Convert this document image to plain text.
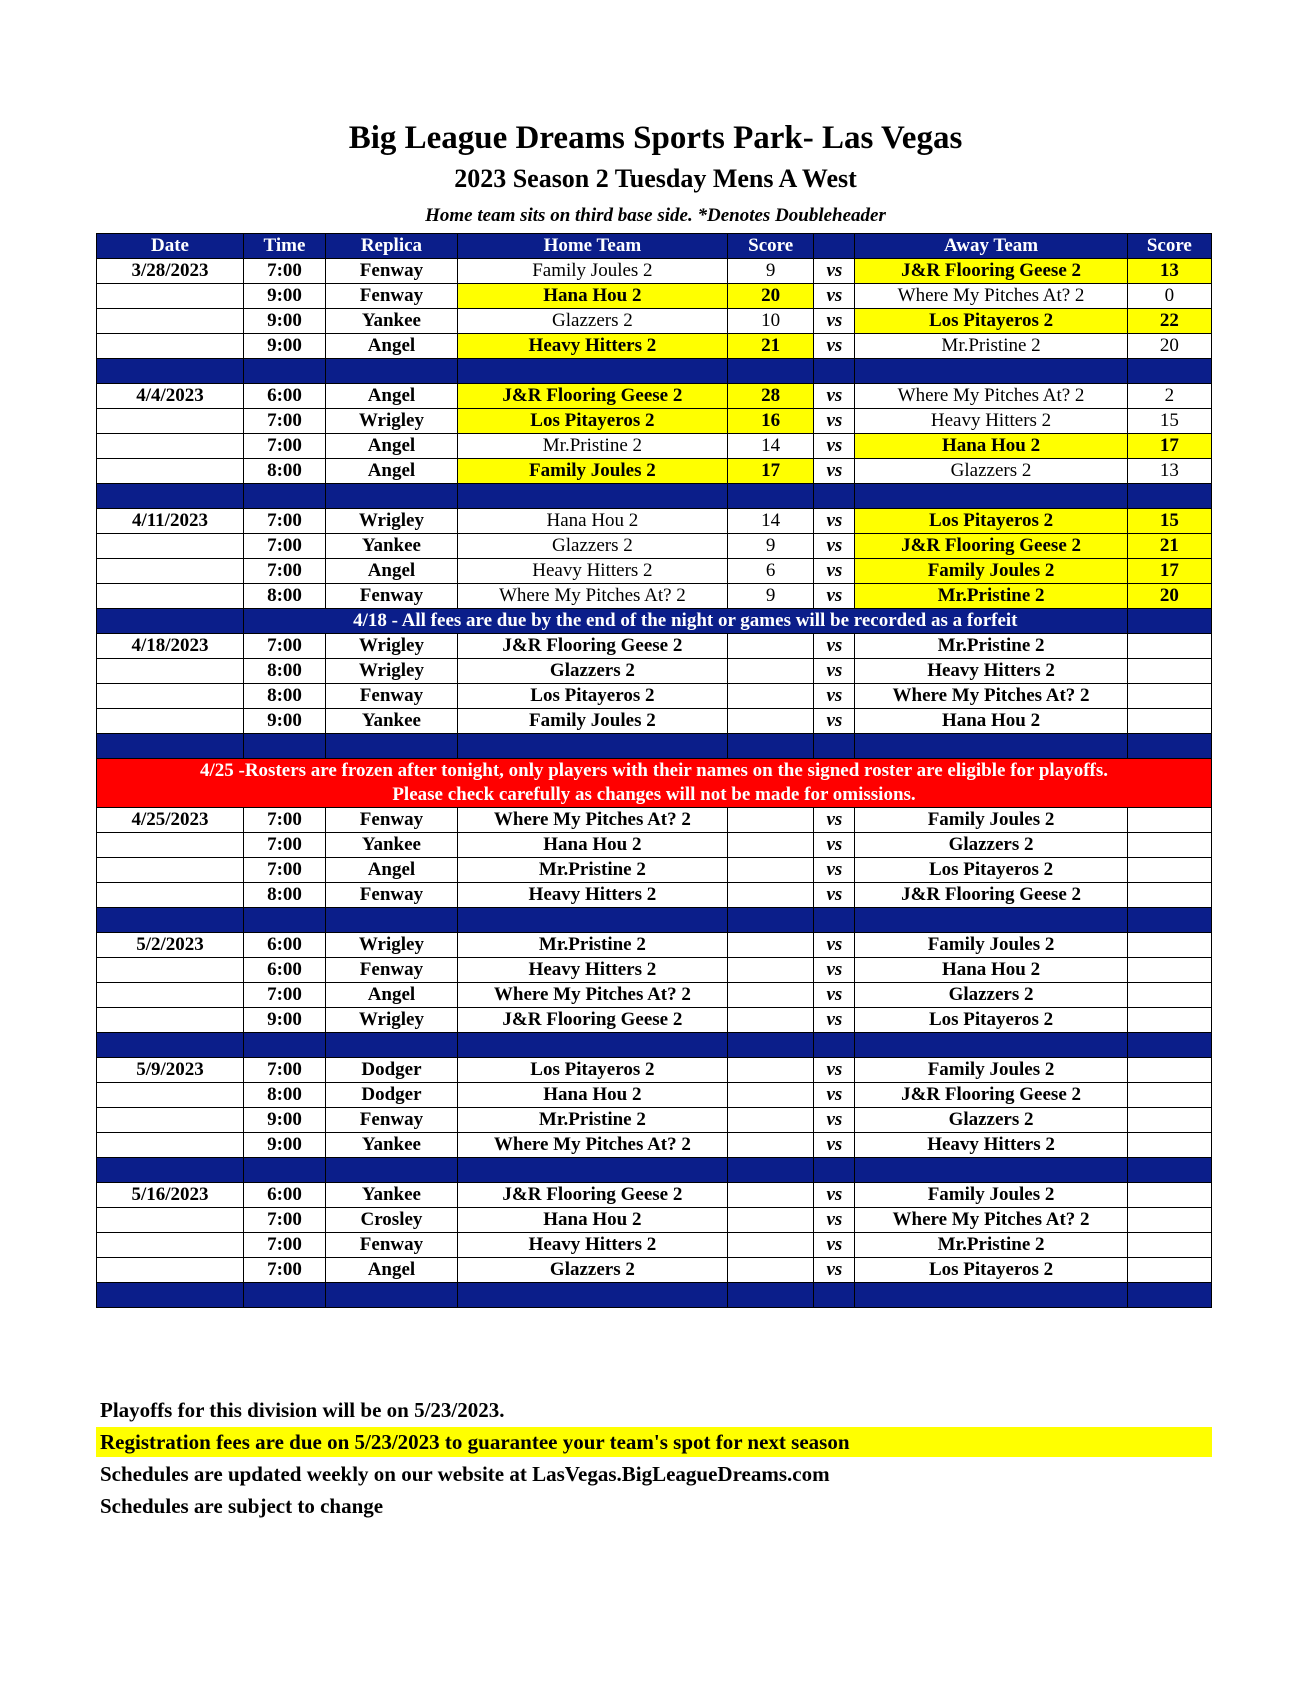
Big League Dreams Sports Park- Las Vegas
2023 Season 2 Tuesday Mens A West
Home team sits on third base side. *Denotes Doubleheader
Date	Time	Replica	Home Team	Score		Away Team	Score
3/28/2023	7:00	Fenway	Family Joules 2	9	vs	J&R Flooring Geese 2	13
	9:00	Fenway	Hana Hou 2	20	vs	Where My Pitches At? 2	0
	9:00	Yankee	Glazzers 2	10	vs	Los Pitayeros 2	22
	9:00	Angel	Heavy Hitters 2	21	vs	Mr.Pristine 2	20

4/4/2023	6:00	Angel	J&R Flooring Geese 2	28	vs	Where My Pitches At? 2	2
	7:00	Wrigley	Los Pitayeros 2	16	vs	Heavy Hitters 2	15
	7:00	Angel	Mr.Pristine 2	14	vs	Hana Hou 2	17
	8:00	Angel	Family Joules 2	17	vs	Glazzers 2	13

4/11/2023	7:00	Wrigley	Hana Hou 2	14	vs	Los Pitayeros 2	15
	7:00	Yankee	Glazzers 2	9	vs	J&R Flooring Geese 2	21
	7:00	Angel	Heavy Hitters 2	6	vs	Family Joules 2	17
	8:00	Fenway	Where My Pitches At? 2	9	vs	Mr.Pristine 2	20
	4/18 - All fees are due by the end of the night or games will be recorded as a forfeit						
4/18/2023	7:00	Wrigley	J&R Flooring Geese 2		vs	Mr.Pristine 2	
	8:00	Wrigley	Glazzers 2		vs	Heavy Hitters 2	
	8:00	Fenway	Los Pitayeros 2		vs	Where My Pitches At? 2	
	9:00	Yankee	Family Joules 2		vs	Hana Hou 2	

4/25 -Rosters are frozen after tonight, only players with their names on the signed roster are eligible for playoffs.
Please check carefully as changes will not be made for omissions.							

4/25/2023	7:00	Fenway	Where My Pitches At? 2		vs	Family Joules 2	
	7:00	Yankee	Hana Hou 2		vs	Glazzers 2	
	7:00	Angel	Mr.Pristine 2		vs	Los Pitayeros 2	
	8:00	Fenway	Heavy Hitters 2		vs	J&R Flooring Geese 2	

5/2/2023	6:00	Wrigley	Mr.Pristine 2		vs	Family Joules 2	
	6:00	Fenway	Heavy Hitters 2		vs	Hana Hou 2	
	7:00	Angel	Where My Pitches At? 2		vs	Glazzers 2	
	9:00	Wrigley	J&R Flooring Geese 2		vs	Los Pitayeros 2	

5/9/2023	7:00	Dodger	Los Pitayeros 2		vs	Family Joules 2	
	8:00	Dodger	Hana Hou 2		vs	J&R Flooring Geese 2	
	9:00	Fenway	Mr.Pristine 2		vs	Glazzers 2	
	9:00	Yankee	Where My Pitches At? 2		vs	Heavy Hitters 2	

5/16/2023	6:00	Yankee	J&R Flooring Geese 2		vs	Family Joules 2	
	7:00	Crosley	Hana Hou 2		vs	Where My Pitches At? 2	
	7:00	Fenway	Heavy Hitters 2		vs	Mr.Pristine 2	
	7:00	Angel	Glazzers 2		vs	Los Pitayeros 2	

Playoffs for this division will be on 5/23/2023.
Registration fees are due on 5/23/2023 to guarantee your team's spot for next season
Schedules are updated weekly on our website at LasVegas.BigLeagueDreams.com
Schedules are subject to change
